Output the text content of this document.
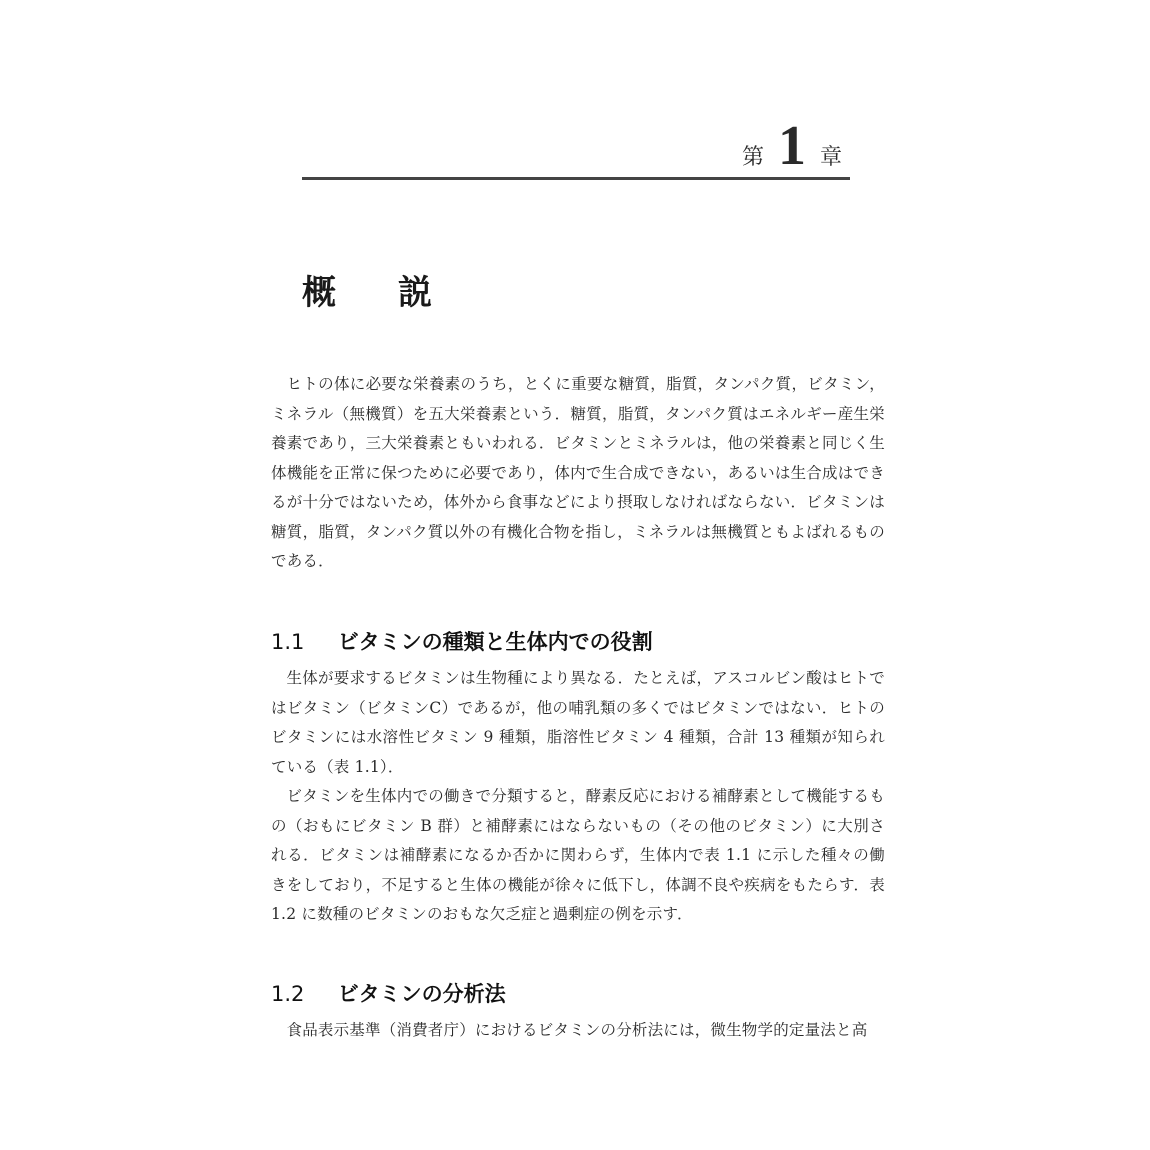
第 1 章
概 説

ヒトの体に必要な栄養素のうち，とくに重要な糖質，脂質，タンパク質，ビタミン，ミネラル（無機質）を五大栄養素という．糖質，脂質，タンパク質はエネルギー産生栄養素であり，三大栄養素ともいわれる．ビタミンとミネラルは，他の栄養素と同じく生体機能を正常に保つために必要であり，体内で生合成できない，あるいは生合成はできるが十分ではないため，体外から食事などにより摂取しなければならない．ビタミンは糖質，脂質，タンパク質以外の有機化合物を指し，ミネラルは無機質ともよばれるものである．

1.1 ビタミンの種類と生体内での役割

生体が要求するビタミンは生物種により異なる．たとえば，アスコルビン酸はヒトではビタミン（ビタミンC）であるが，他の哺乳類の多くではビタミンではない．ヒトのビタミンには水溶性ビタミン 9 種類，脂溶性ビタミン 4 種類，合計 13 種類が知られている（表 1.1）．

ビタミンを生体内での働きで分類すると，酵素反応における補酵素として機能するもの（おもにビタミン B 群）と補酵素にはならないもの（その他のビタミン）に大別される．ビタミンは補酵素になるか否かに関わらず，生体内で表 1.1 に示した種々の働きをしており，不足すると生体の機能が徐々に低下し，体調不良や疾病をもたらす．表 1.2 に数種のビタミンのおもな欠乏症と過剰症の例を示す．

1.2 ビタミンの分析法

食品表示基準（消費者庁）におけるビタミンの分析法には，微生物学的定量法と高
